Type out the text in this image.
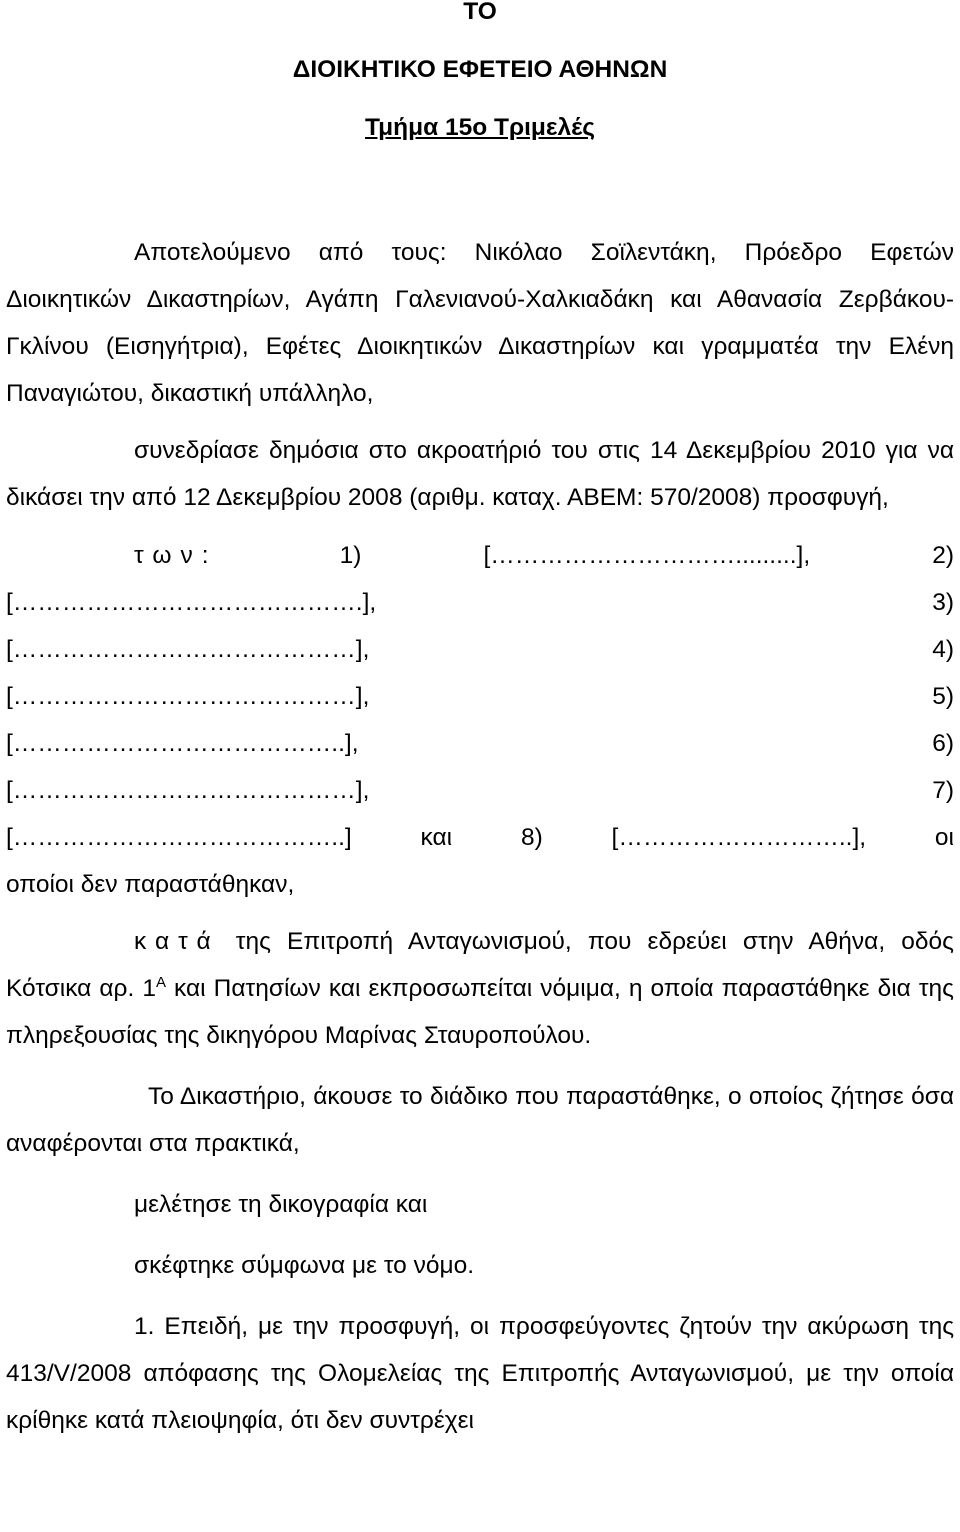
ΤΟ

ΔΙΟΙΚΗΤΙΚΟ ΕΦΕΤΕΙΟ ΑΘΗΝΩΝ

Τμήμα 15ο Τριμελές

Αποτελούμενο από τους: Νικόλαο Σοϊλεντάκη, Πρόεδρο Εφετών Διοικητικών Δικαστηρίων, Αγάπη Γαλενιανού-Χαλκιαδάκη και Αθανασία Ζερβάκου-Γκλίνου (Εισηγήτρια), Εφέτες Διοικητικών Δικαστηρίων και γραμματέα την Ελένη Παναγιώτου, δικαστική υπάλληλο,

συνεδρίασε δημόσια στο ακροατήριό του στις 14 Δεκεμβρίου 2010 για να δικάσει την από 12 Δεκεμβρίου 2008 (αριθμ. καταχ. ΑΒΕΜ: 570/2008) προσφυγή,

των:	1) [………………………….........], 2)

[…………………………………….], 3)

[……………………………………], 4)

[……………………………………], 5)

[…………………………………..], 6)

[……………………………………], 7)

[…………………………………..] και 8) [………………………..], οι

οποίοι δεν παραστάθηκαν,

κατά της Επιτροπή Ανταγωνισμού, που εδρεύει στην Αθήνα, οδός Κότσικα αρ. $1^A$ και Πατησίων και εκπροσωπείται νόμιμα, η οποία παραστάθηκε δια της πληρεξουσίας της δικηγόρου Μαρίνας Σταυροπούλου.

Το Δικαστήριο, άκουσε το διάδικο που παραστάθηκε, ο οποίος ζήτησε όσα αναφέρονται στα πρακτικά,

μελέτησε τη δικογραφία και

σκέφτηκε σύμφωνα με το νόμο.

1. Επειδή, με την προσφυγή, οι προσφεύγοντες ζητούν την ακύρωση της 413/V/2008 απόφασης της Ολομελείας της Επιτροπής Ανταγωνισμού, με την οποία κρίθηκε κατά πλειοψηφία, ότι δεν συντρέχει
